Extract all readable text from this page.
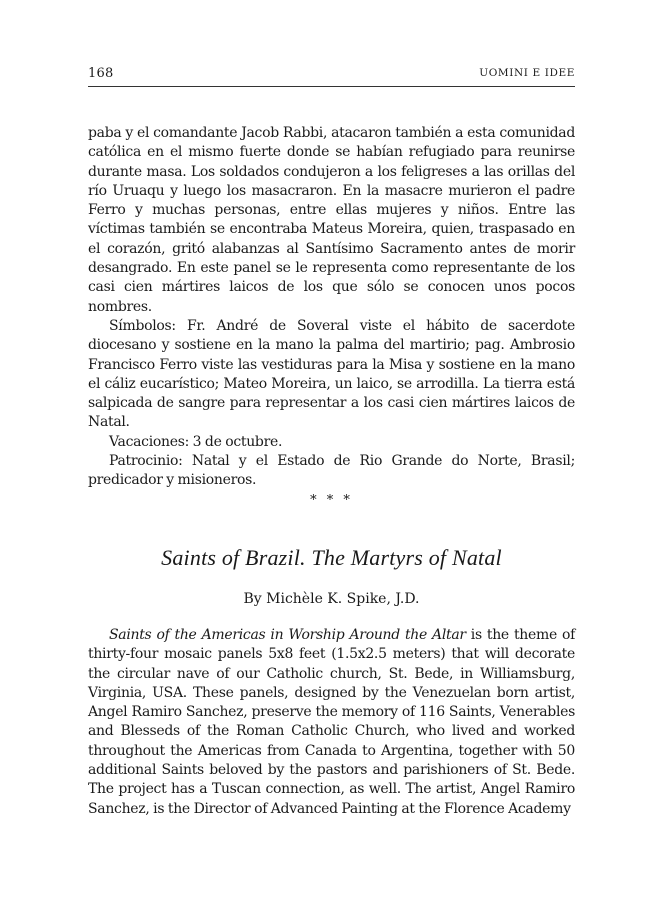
168	UOMINI E IDEE

paba y el comandante Jacob Rabbi, atacaron también a esta comunidad católica en el mismo fuerte donde se habían refugiado para reunirse durante masa. Los soldados condujeron a los feligreses a las orillas del río Uruaqu y luego los masacraron. En la masacre murieron el padre Ferro y muchas personas, entre ellas mujeres y niños. Entre las víctimas también se encontraba Mateus Moreira, quien, traspasado en el corazón, gritó alabanzas al Santísimo Sacramento antes de morir desangrado. En este panel se le representa como representante de los casi cien mártires laicos de los que sólo se conocen unos pocos nombres.

Símbolos: Fr. André de Soveral viste el hábito de sacerdote diocesano y sostiene en la mano la palma del martirio; pag. Ambrosio Francisco Ferro viste las vestiduras para la Misa y sostiene en la mano el cáliz eucarístico; Mateo Moreira, un laico, se arrodilla. La tierra está salpicada de sangre para representar a los casi cien mártires laicos de Natal.

Vacaciones: 3 de octubre.

Patrocinio: Natal y el Estado de Rio Grande do Norte, Brasil; predicador y misioneros.

* * *
Saints of Brazil. The Martyrs of Natal
By Michèle K. Spike, J.D.

Saints of the Americas in Worship Around the Altar is the theme of thirty-four mosaic panels 5x8 feet (1.5x2.5 meters) that will decorate the circular nave of our Catholic church, St. Bede, in Williamsburg, Virginia, USA. These panels, designed by the Venezuelan born artist, Angel Ramiro Sanchez, preserve the memory of 116 Saints, Venerables and Blesseds of the Roman Catholic Church, who lived and worked throughout the Americas from Canada to Argentina, together with 50 additional Saints beloved by the pastors and parishioners of St. Bede. The project has a Tuscan connection, as well. The artist, Angel Ramiro Sanchez, is the Director of Advanced Painting at the Florence Academy
